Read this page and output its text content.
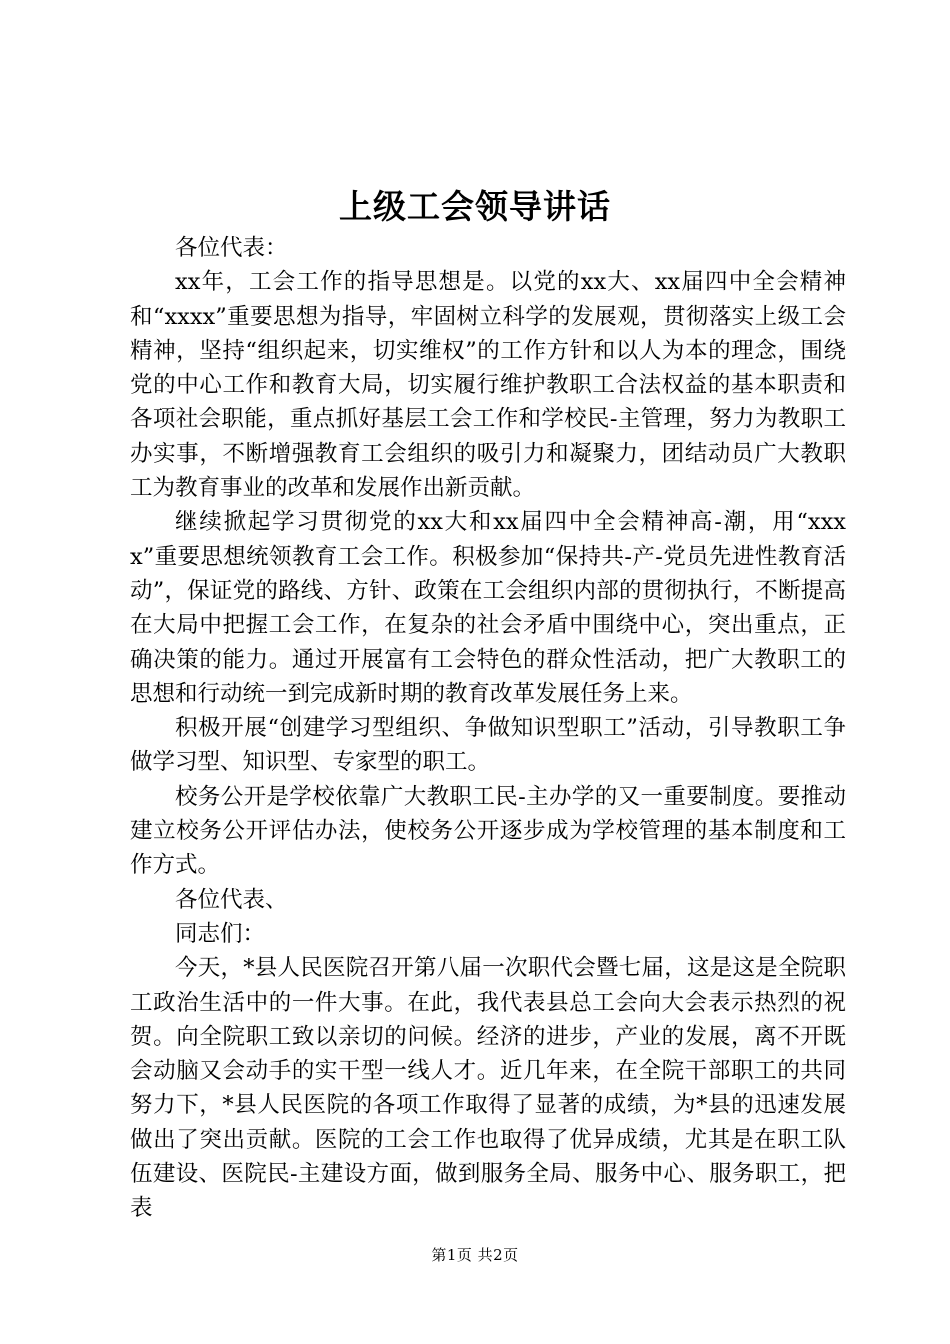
上级工会领导讲话

各位代表：

xx年，工会工作的指导思想是。以党的xx大、xx届四中全会精神和“xxxx”重要思想为指导，牢固树立科学的发展观，贯彻落实上级工会精神，坚持“组织起来，切实维权”的工作方针和以人为本的理念，围绕党的中心工作和教育大局，切实履行维护教职工合法权益的基本职责和各项社会职能，重点抓好基层工会工作和学校民-主管理，努力为教职工办实事，不断增强教育工会组织的吸引力和凝聚力，团结动员广大教职工为教育事业的改革和发展作出新贡献。

继续掀起学习贯彻党的xx大和xx届四中全会精神高-潮，用“xxxx”重要思想统领教育工会工作。积极参加“保持共-产-党员先进性教育活动”，保证党的路线、方针、政策在工会组织内部的贯彻执行，不断提高在大局中把握工会工作，在复杂的社会矛盾中围绕中心，突出重点，正确决策的能力。通过开展富有工会特色的群众性活动，把广大教职工的思想和行动统一到完成新时期的教育改革发展任务上来。

积极开展“创建学习型组织、争做知识型职工”活动，引导教职工争做学习型、知识型、专家型的职工。

校务公开是学校依靠广大教职工民-主办学的又一重要制度。要推动建立校务公开评估办法，使校务公开逐步成为学校管理的基本制度和工作方式。

各位代表、

同志们：

今天，*县人民医院召开第八届一次职代会暨七届，这是这是全院职工政治生活中的一件大事。在此，我代表县总工会向大会表示热烈的祝贺。向全院职工致以亲切的问候。经济的进步，产业的发展，离不开既会动脑又会动手的实干型一线人才。近几年来，在全院干部职工的共同努力下，*县人民医院的各项工作取得了显著的成绩，为*县的迅速发展做出了突出贡献。医院的工会工作也取得了优异成绩，尤其是在职工队伍建设、医院民-主建设方面，做到服务全局、服务中心、服务职工，把表

第1页 共2页
